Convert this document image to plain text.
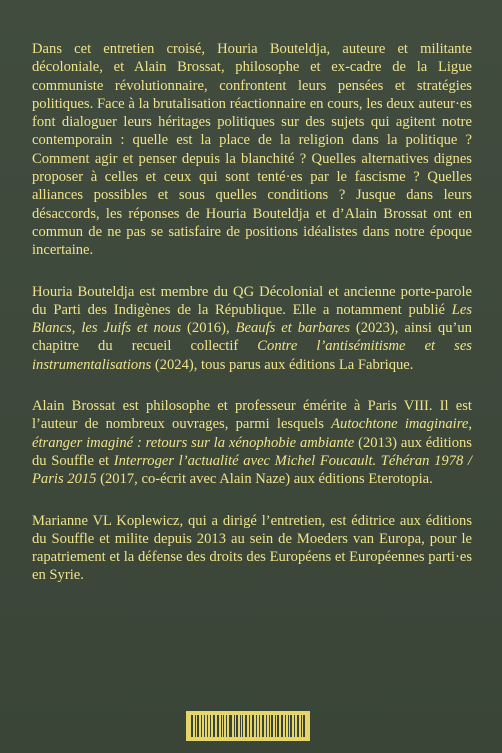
Dans cet entretien croisé, Houria Bouteldja, auteure et militante décoloniale, et Alain Brossat, philosophe et ex-cadre de la Ligue communiste révolutionnaire, confrontent leurs pensées et stratégies politiques. Face à la brutalisation réactionnaire en cours, les deux auteur·es font dialoguer leurs héritages politiques sur des sujets qui agitent notre contemporain : quelle est la place de la religion dans la politique ? Comment agir et penser depuis la blanchité ? Quelles alternatives dignes proposer à celles et ceux qui sont tenté·es par le fascisme ? Quelles alliances possibles et sous quelles conditions ? Jusque dans leurs désaccords, les réponses de Houria Bouteldja et d’Alain Brossat ont en commun de ne pas se satisfaire de positions idéalistes dans notre époque incertaine.

Houria Bouteldja est membre du QG Décolonial et ancienne porte-parole du Parti des Indigènes de la République. Elle a notamment publié Les Blancs, les Juifs et nous (2016), Beaufs et barbares (2023), ainsi qu’un chapitre du recueil collectif Contre l’antisémitisme et ses instrumentalisations (2024), tous parus aux éditions La Fabrique.

Alain Brossat est philosophe et professeur émérite à Paris VIII. Il est l’auteur de nombreux ouvrages, parmi lesquels Autochtone imaginaire, étranger imaginé : retours sur la xénophobie ambiante (2013) aux éditions du Souffle et Interroger l’actualité avec Michel Foucault. Téhéran 1978 / Paris 2015 (2017, co-écrit avec Alain Naze) aux éditions Eterotopia.

Marianne VL Koplewicz, qui a dirigé l’entretien, est éditrice aux éditions du Souffle et milite depuis 2013 au sein de Moeders van Europa, pour le rapatriement et la défense des droits des Européens et Européennes parti·es en Syrie.
